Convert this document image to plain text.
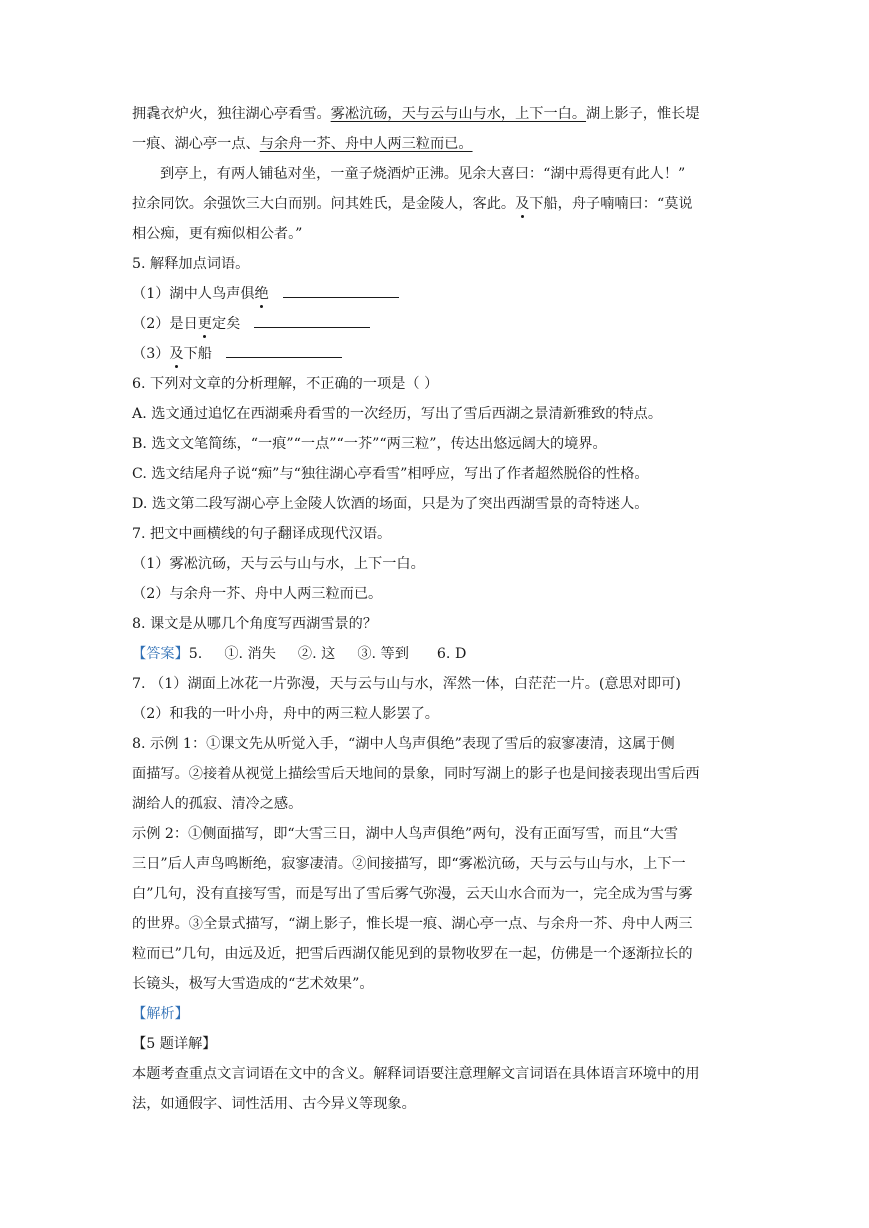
拥毳衣炉火，独往湖心亭看雪。雾凇沆砀，天与云与山与水，上下一白。湖上影子，惟长堤
一痕、湖心亭一点、与余舟一芥、舟中人两三粒而已。
到亭上，有两人铺毡对坐，一童子烧酒炉正沸。见余大喜曰：“湖中焉得更有此人！”
拉余同饮。余强饮三大白而别。问其姓氏，是金陵人，客此。及下船，舟子喃喃曰：“莫说
相公痴，更有痴似相公者。”
5. 解释加点词语。
（1）湖中人鸟声俱绝
（2）是日更定矣
（3）及下船
6. 下列对文章的分析理解，不正确的一项是（ ）
A. 选文通过追忆在西湖乘舟看雪的一次经历，写出了雪后西湖之景清新雅致的特点。
B. 选文文笔简练，“一痕”“一点”“一芥”“两三粒”，传达出悠远阔大的境界。
C. 选文结尾舟子说“痴”与“独往湖心亭看雪”相呼应，写出了作者超然脱俗的性格。
D. 选文第二段写湖心亭上金陵人饮酒的场面，只是为了突出西湖雪景的奇特迷人。
7. 把文中画横线的句子翻译成现代汉语。
（1）雾凇沆砀，天与云与山与水，上下一白。
（2）与余舟一芥、舟中人两三粒而已。
8. 课文是从哪几个角度写西湖雪景的？
【答案】5. ①. 消失 ②. 这 ③. 等到 6. D
7. （1）湖面上冰花一片弥漫，天与云与山与水，浑然一体，白茫茫一片。(意思对即可)
（2）和我的一叶小舟，舟中的两三粒人影罢了。
8. 示例 1：①课文先从听觉入手，“湖中人鸟声俱绝”表现了雪后的寂寥凄清，这属于侧
面描写。②接着从视觉上描绘雪后天地间的景象，同时写湖上的影子也是间接表现出雪后西
湖给人的孤寂、清冷之感。
示例 2：①侧面描写，即“大雪三日，湖中人鸟声俱绝”两句，没有正面写雪，而且“大雪
三日”后人声鸟鸣断绝，寂寥凄清。②间接描写，即“雾凇沆砀，天与云与山与水，上下一
白”几句，没有直接写雪，而是写出了雪后雾气弥漫，云天山水合而为一，完全成为雪与雾
的世界。③全景式描写，“湖上影子，惟长堤一痕、湖心亭一点、与余舟一芥、舟中人两三
粒而已”几句，由远及近，把雪后西湖仅能见到的景物收罗在一起，仿佛是一个逐渐拉长的
长镜头，极写大雪造成的“艺术效果”。
【解析】
【5 题详解】
本题考查重点文言词语在文中的含义。解释词语要注意理解文言词语在具体语言环境中的用
法，如通假字、词性活用、古今异义等现象。
